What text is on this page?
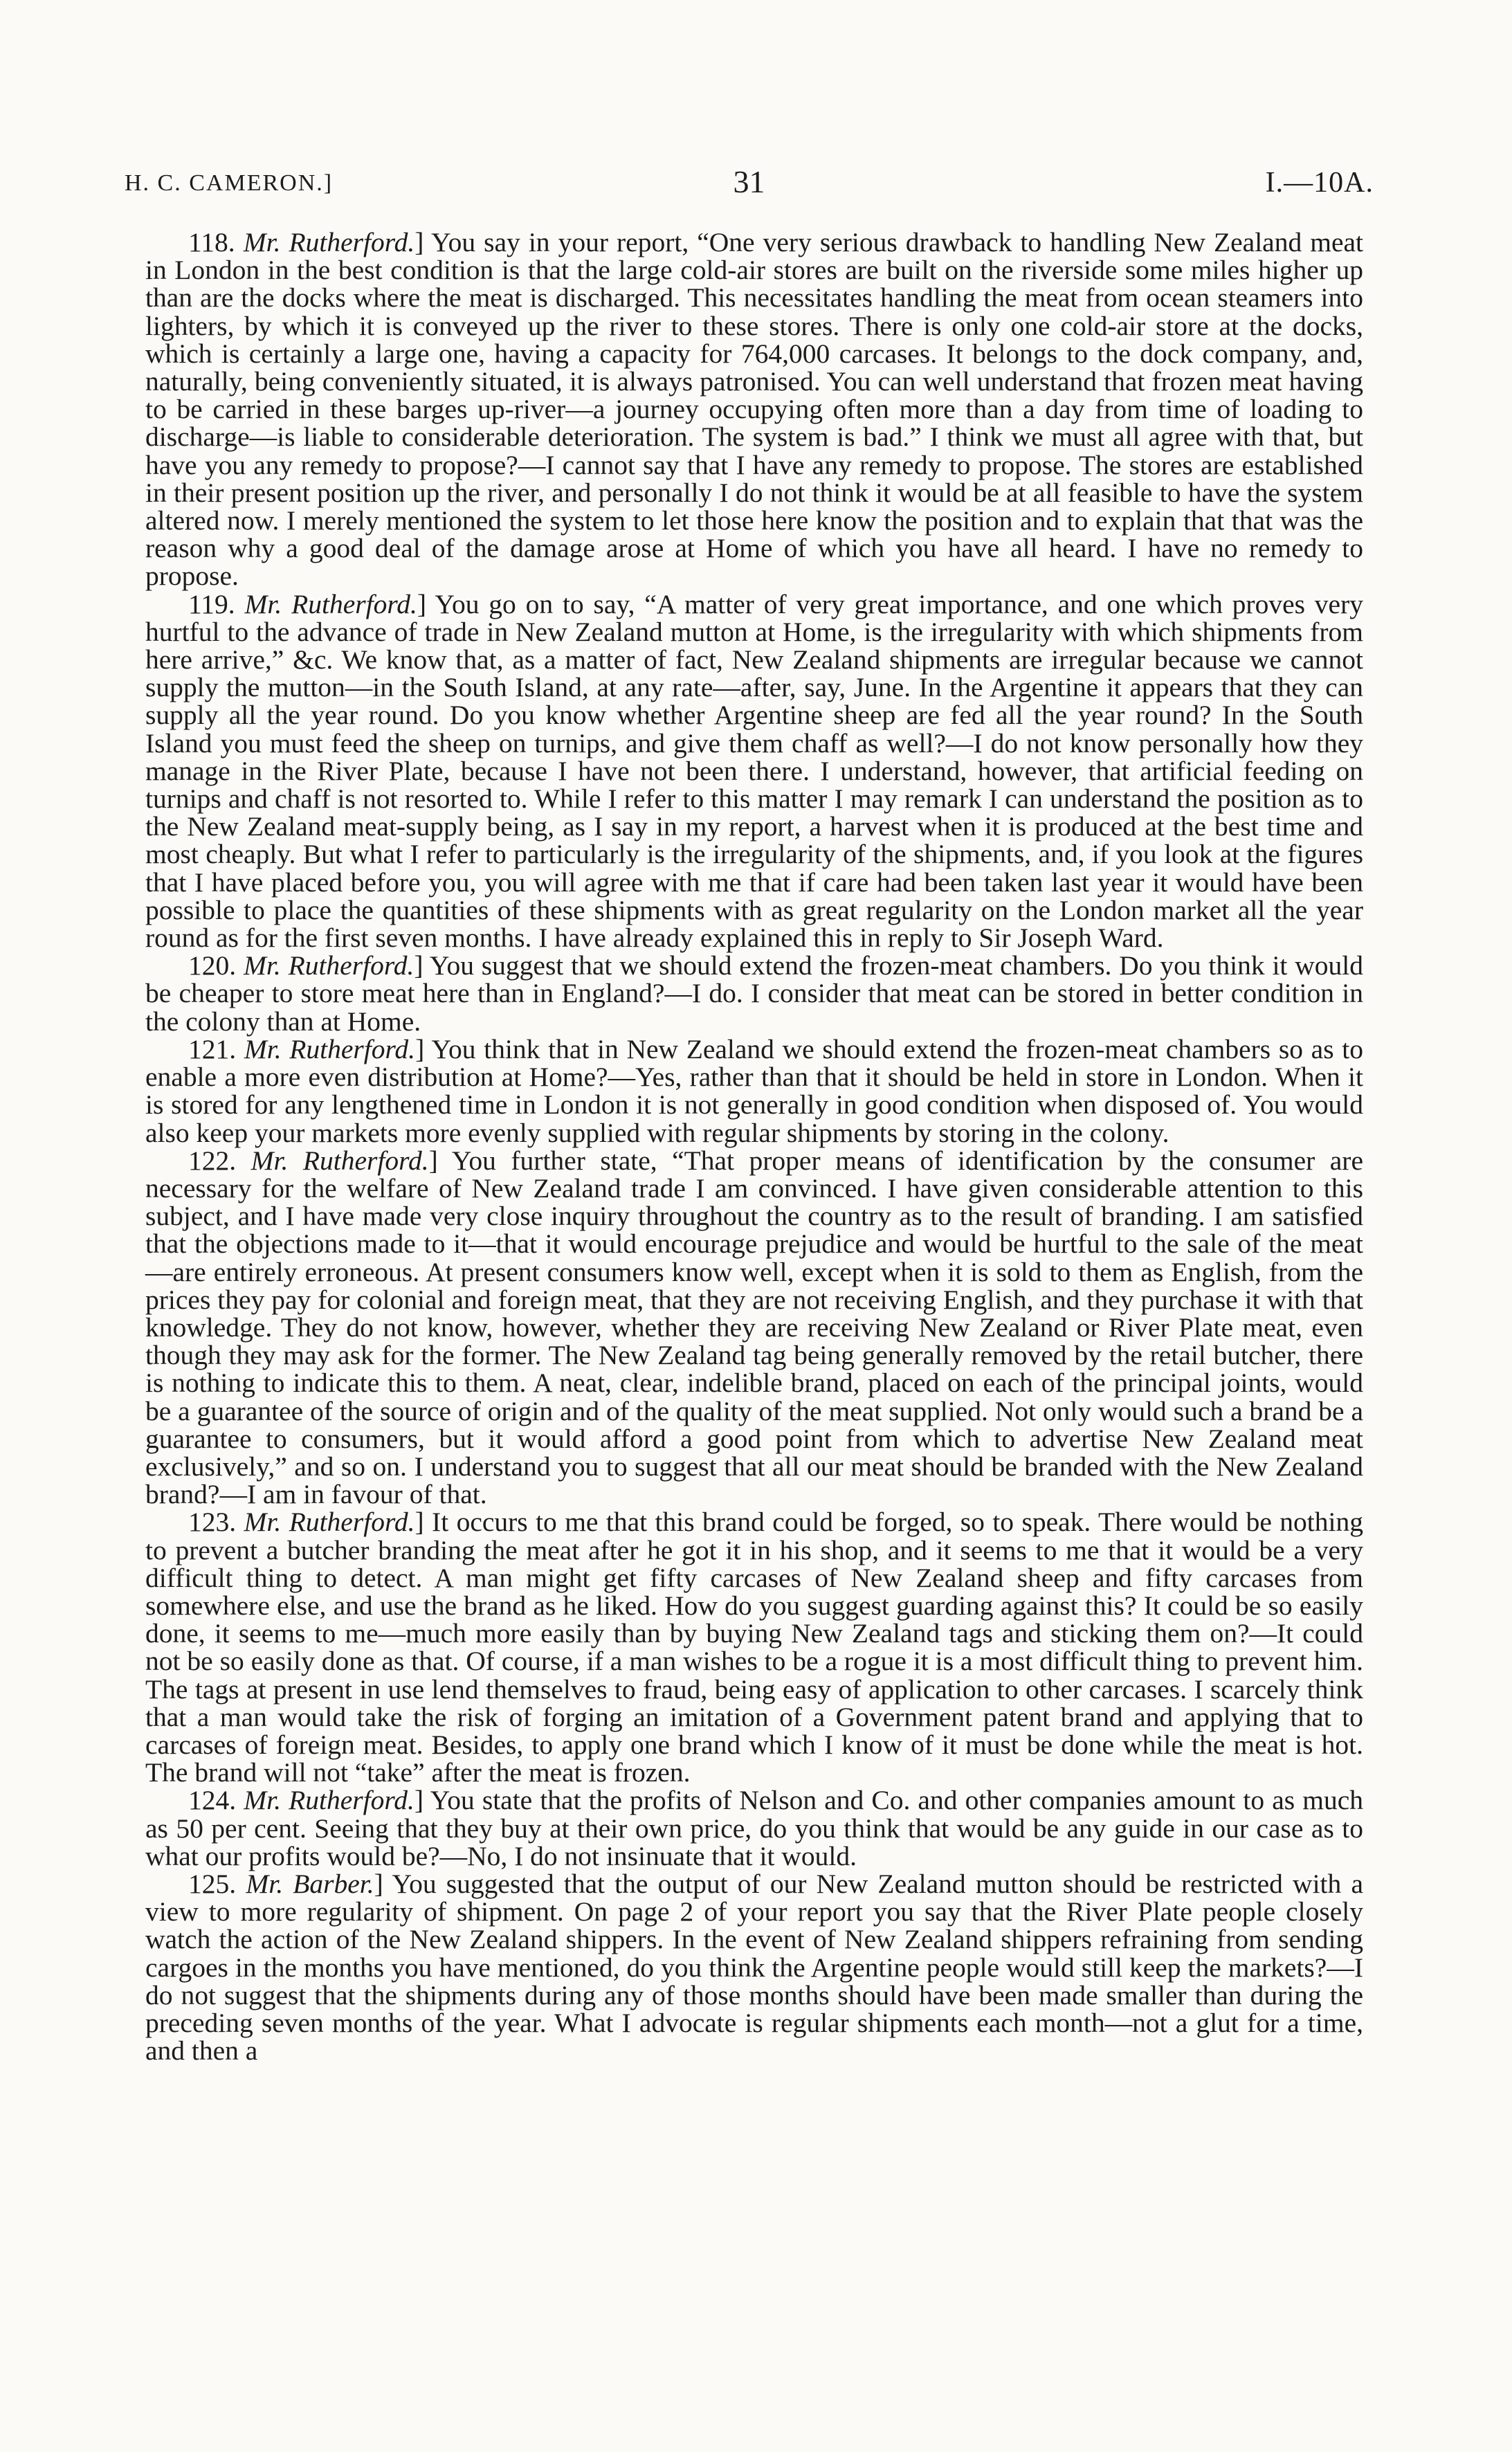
H. C. CAMERON.]	31	I.—10A.

118. Mr. Rutherford.] You say in your report, “One very serious drawback to handling New Zealand meat in London in the best condition is that the large cold-air stores are built on the riverside some miles higher up than are the docks where the meat is discharged. This necessitates handling the meat from ocean steamers into lighters, by which it is conveyed up the river to these stores. There is only one cold-air store at the docks, which is certainly a large one, having a capacity for 764,000 carcases. It belongs to the dock company, and, naturally, being conveniently situated, it is always patronised. You can well understand that frozen meat having to be carried in these barges up-river—a journey occupying often more than a day from time of loading to discharge—is liable to considerable deterioration. The system is bad.” I think we must all agree with that, but have you any remedy to propose?—I cannot say that I have any remedy to propose. The stores are established in their present position up the river, and personally I do not think it would be at all feasible to have the system altered now. I merely mentioned the system to let those here know the position and to explain that that was the reason why a good deal of the damage arose at Home of which you have all heard. I have no remedy to propose.

119. Mr. Rutherford.] You go on to say, “A matter of very great importance, and one which proves very hurtful to the advance of trade in New Zealand mutton at Home, is the irregularity with which shipments from here arrive,” &c. We know that, as a matter of fact, New Zealand shipments are irregular because we cannot supply the mutton—in the South Island, at any rate—after, say, June. In the Argentine it appears that they can supply all the year round. Do you know whether Argentine sheep are fed all the year round? In the South Island you must feed the sheep on turnips, and give them chaff as well?—I do not know personally how they manage in the River Plate, because I have not been there. I understand, however, that artificial feeding on turnips and chaff is not resorted to. While I refer to this matter I may remark I can understand the position as to the New Zealand meat-supply being, as I say in my report, a harvest when it is produced at the best time and most cheaply. But what I refer to particularly is the irregularity of the shipments, and, if you look at the figures that I have placed before you, you will agree with me that if care had been taken last year it would have been possible to place the quantities of these shipments with as great regularity on the London market all the year round as for the first seven months. I have already explained this in reply to Sir Joseph Ward.

120. Mr. Rutherford.] You suggest that we should extend the frozen-meat chambers. Do you think it would be cheaper to store meat here than in England?—I do. I consider that meat can be stored in better condition in the colony than at Home.

121. Mr. Rutherford.] You think that in New Zealand we should extend the frozen-meat chambers so as to enable a more even distribution at Home?—Yes, rather than that it should be held in store in London. When it is stored for any lengthened time in London it is not generally in good condition when disposed of. You would also keep your markets more evenly supplied with regular shipments by storing in the colony.

122. Mr. Rutherford.] You further state, “That proper means of identification by the consumer are necessary for the welfare of New Zealand trade I am convinced. I have given considerable attention to this subject, and I have made very close inquiry throughout the country as to the result of branding. I am satisfied that the objections made to it—that it would encourage prejudice and would be hurtful to the sale of the meat—are entirely erroneous. At present consumers know well, except when it is sold to them as English, from the prices they pay for colonial and foreign meat, that they are not receiving English, and they purchase it with that knowledge. They do not know, however, whether they are receiving New Zealand or River Plate meat, even though they may ask for the former. The New Zealand tag being generally removed by the retail butcher, there is nothing to indicate this to them. A neat, clear, indelible brand, placed on each of the principal joints, would be a guarantee of the source of origin and of the quality of the meat supplied. Not only would such a brand be a guarantee to consumers, but it would afford a good point from which to advertise New Zealand meat exclusively,” and so on. I understand you to suggest that all our meat should be branded with the New Zealand brand?—I am in favour of that.

123. Mr. Rutherford.] It occurs to me that this brand could be forged, so to speak. There would be nothing to prevent a butcher branding the meat after he got it in his shop, and it seems to me that it would be a very difficult thing to detect. A man might get fifty carcases of New Zealand sheep and fifty carcases from somewhere else, and use the brand as he liked. How do you suggest guarding against this? It could be so easily done, it seems to me—much more easily than by buying New Zealand tags and sticking them on?—It could not be so easily done as that. Of course, if a man wishes to be a rogue it is a most difficult thing to prevent him. The tags at present in use lend themselves to fraud, being easy of application to other carcases. I scarcely think that a man would take the risk of forging an imitation of a Government patent brand and applying that to carcases of foreign meat. Besides, to apply one brand which I know of it must be done while the meat is hot. The brand will not “take” after the meat is frozen.

124. Mr. Rutherford.] You state that the profits of Nelson and Co. and other companies amount to as much as 50 per cent. Seeing that they buy at their own price, do you think that would be any guide in our case as to what our profits would be?—No, I do not insinuate that it would.

125. Mr. Barber.] You suggested that the output of our New Zealand mutton should be restricted with a view to more regularity of shipment. On page 2 of your report you say that the River Plate people closely watch the action of the New Zealand shippers. In the event of New Zealand shippers refraining from sending cargoes in the months you have mentioned, do you think the Argentine people would still keep the markets?—I do not suggest that the shipments during any of those months should have been made smaller than during the preceding seven months of the year. What I advocate is regular shipments each month—not a glut for a time, and then a
